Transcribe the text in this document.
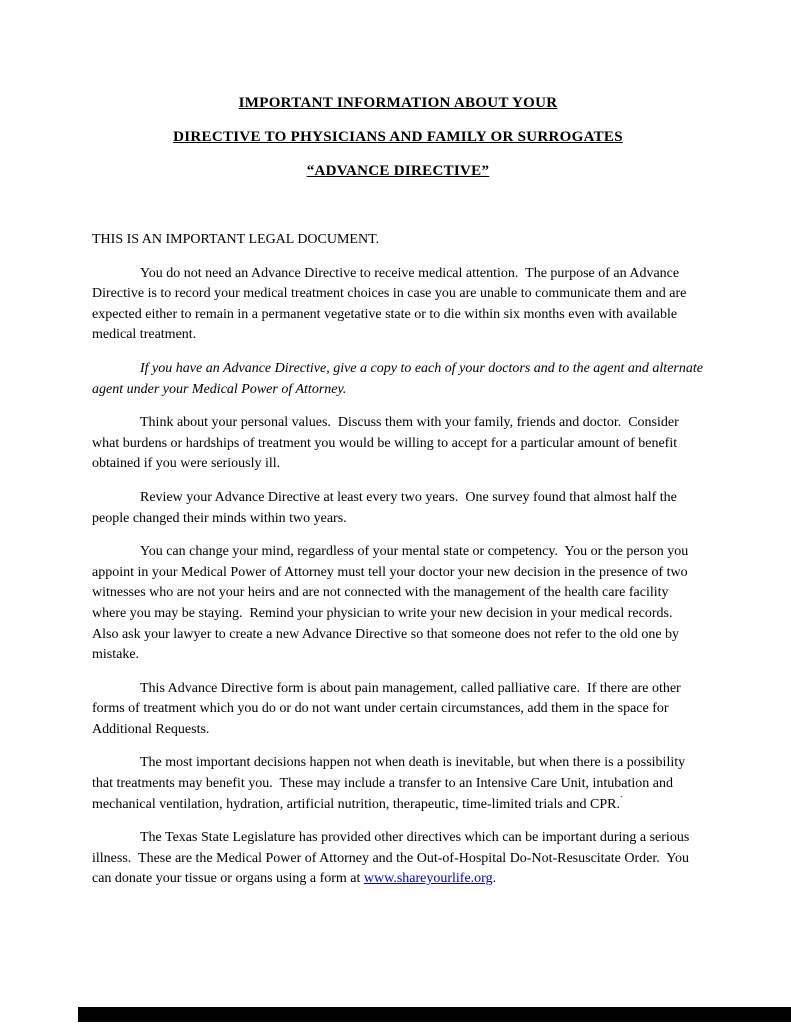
IMPORTANT INFORMATION ABOUT YOUR
DIRECTIVE TO PHYSICIANS AND FAMILY OR SURROGATES
“ADVANCE DIRECTIVE”

THIS IS AN IMPORTANT LEGAL DOCUMENT.

You do not need an Advance Directive to receive medical attention.  The purpose of an Advance Directive is to record your medical treatment choices in case you are unable to communicate them and are expected either to remain in a permanent vegetative state or to die within six months even with available medical treatment.

If you have an Advance Directive, give a copy to each of your doctors and to the agent and alternate agent under your Medical Power of Attorney.

Think about your personal values.  Discuss them with your family, friends and doctor.  Consider what burdens or hardships of treatment you would be willing to accept for a particular amount of benefit obtained if you were seriously ill.

Review your Advance Directive at least every two years.  One survey found that almost half the people changed their minds within two years.

You can change your mind, regardless of your mental state or competency.  You or the person you appoint in your Medical Power of Attorney must tell your doctor your new decision in the presence of two witnesses who are not your heirs and are not connected with the management of the health care facility where you may be staying.  Remind your physician to write your new decision in your medical records.  Also ask your lawyer to create a new Advance Directive so that someone does not refer to the old one by mistake.

This Advance Directive form is about pain management, called palliative care.  If there are other forms of treatment which you do or do not want under certain circumstances, add them in the space for Additional Requests.

The most important decisions happen not when death is inevitable, but when there is a possibility that treatments may benefit you.  These may include a transfer to an Intensive Care Unit, intubation and mechanical ventilation, hydration, artificial nutrition, therapeutic, time-limited trials and CPR.$^ˋ$

The Texas State Legislature has provided other directives which can be important during a serious illness.  These are the Medical Power of Attorney and the Out-of-Hospital Do-Not-Resuscitate Order.  You can donate your tissue or organs using a form at www.shareyourlife.org.
